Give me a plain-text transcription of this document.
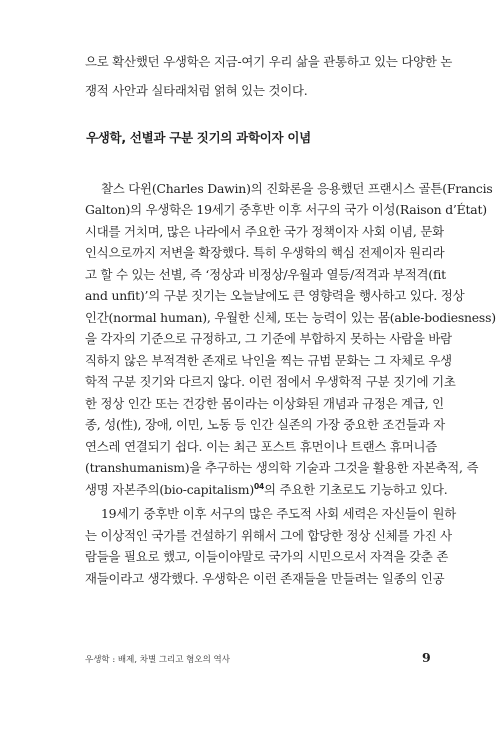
으로 확산했던 우생학은 지금-여기 우리 삶을 관통하고 있는 다양한 논
쟁적 사안과 실타래처럼 얽혀 있는 것이다.
우생학, 선별과 구분 짓기의 과학이자 이념
찰스 다윈(Charles Dawin)의 진화론을 응용했던 프랜시스 골튼(Francis
Galton)의 우생학은 19세기 중후반 이후 서구의 국가 이성(Raison d’État)
시대를 거치며, 많은 나라에서 주요한 국가 정책이자 사회 이념, 문화
인식으로까지 저변을 확장했다. 특히 우생학의 핵심 전제이자 원리라
고 할 수 있는 선별, 즉 ‘정상과 비정상/우월과 열등/적격과 부적격(fit
and unfit)’의 구분 짓기는 오늘날에도 큰 영향력을 행사하고 있다. 정상
인간(normal human), 우월한 신체, 또는 능력이 있는 몸(able-bodiesness)
을 각자의 기준으로 규정하고, 그 기준에 부합하지 못하는 사람을 바람
직하지 않은 부적격한 존재로 낙인을 찍는 규범 문화는 그 자체로 우생
학적 구분 짓기와 다르지 않다. 이런 점에서 우생학적 구분 짓기에 기초
한 정상 인간 또는 건강한 몸이라는 이상화된 개념과 규정은 계급, 인
종, 성(性), 장애, 이민, 노동 등 인간 실존의 가장 중요한 조건들과 자
연스레 연결되기 쉽다. 이는 최근 포스트 휴먼이나 트랜스 휴머니즘
(transhumanism)을 추구하는 생의학 기술과 그것을 활용한 자본축적, 즉
생명 자본주의(bio-capitalism)$^{04}$의 주요한 기초로도 기능하고 있다.
19세기 중후반 이후 서구의 많은 주도적 사회 세력은 자신들이 원하
는 이상적인 국가를 건설하기 위해서 그에 합당한 정상 신체를 가진 사
람들을 필요로 했고, 이들이야말로 국가의 시민으로서 자격을 갖춘 존
재들이라고 생각했다. 우생학은 이런 존재들을 만들려는 일종의 인공
우생학 : 배제, 차별 그리고 혐오의 역사	9
